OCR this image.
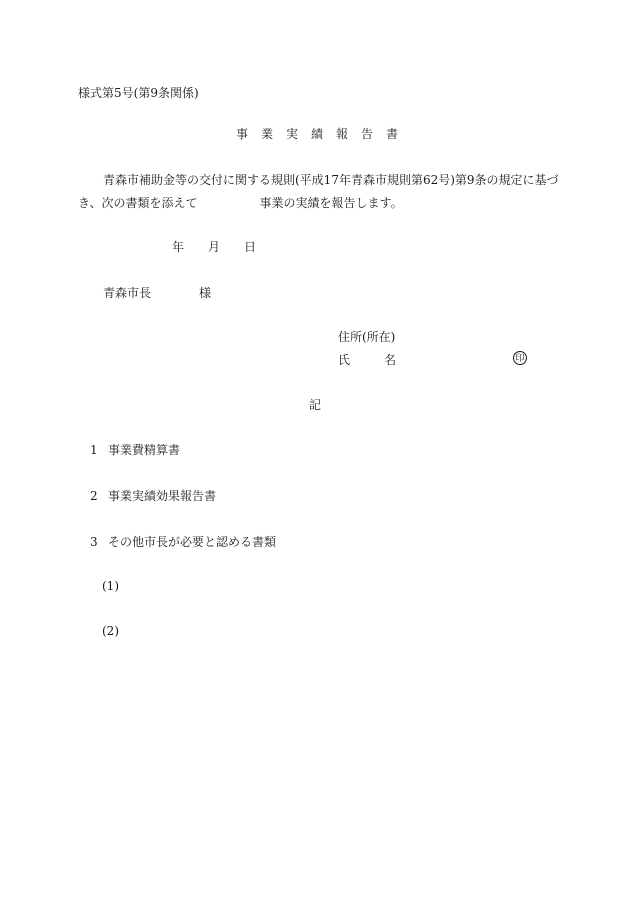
様式第5号(第9条関係)
事業実績報告書
青森市補助金等の交付に関する規則(平成17年青森市規則第62号)第9条の規定に基づ
き、次の書類を添えて	事業の実績を報告します。
年 月 日
青森市長	様
住所(所在)
氏	名	印
記
1 事業費精算書
2 事業実績効果報告書
3 その他市長が必要と認める書類
(1)
(2)
